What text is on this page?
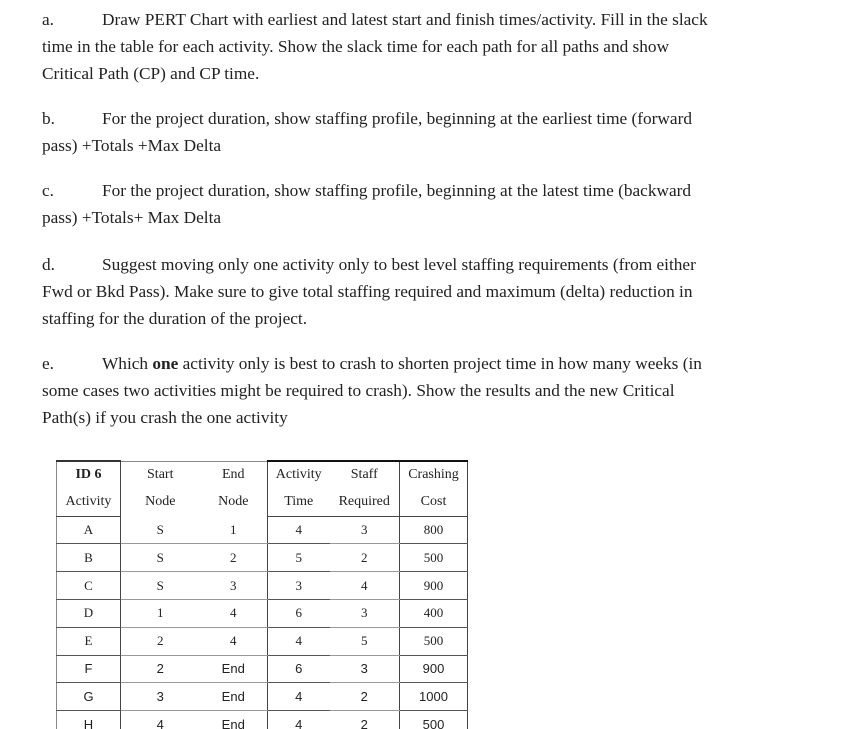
a.	Draw PERT Chart with earliest and latest start and finish times/activity. Fill in the slack
time in the table for each activity. Show the slack time for each path for all paths and show
Critical Path (CP) and CP time.
b.	For the project duration, show staffing profile, beginning at the earliest time (forward
pass) +Totals +Max Delta
c.	For the project duration, show staffing profile, beginning at the latest time (backward
pass) +Totals+ Max Delta
d.	Suggest moving only one activity only to best level staffing requirements (from either
Fwd or Bkd Pass). Make sure to give total staffing required and maximum (delta) reduction in
staffing for the duration of the project.
e.	Which one activity only is best to crash to shorten project time in how many weeks (in
some cases two activities might be required to crash). Show the results and the new Critical
Path(s) if you crash the one activity
ID 6	Start	End	Activity	Staff	Crashing
Activity	Node	Node	Time	Required	Cost
A	S	1	4	3	800
B	S	2	5	2	500
C	S	3	3	4	900
D	1	4	6	3	400
E	2	4	4	5	500
F	2	End	6	3	900
G	3	End	4	2	1000
H	4	End	4	2	500
